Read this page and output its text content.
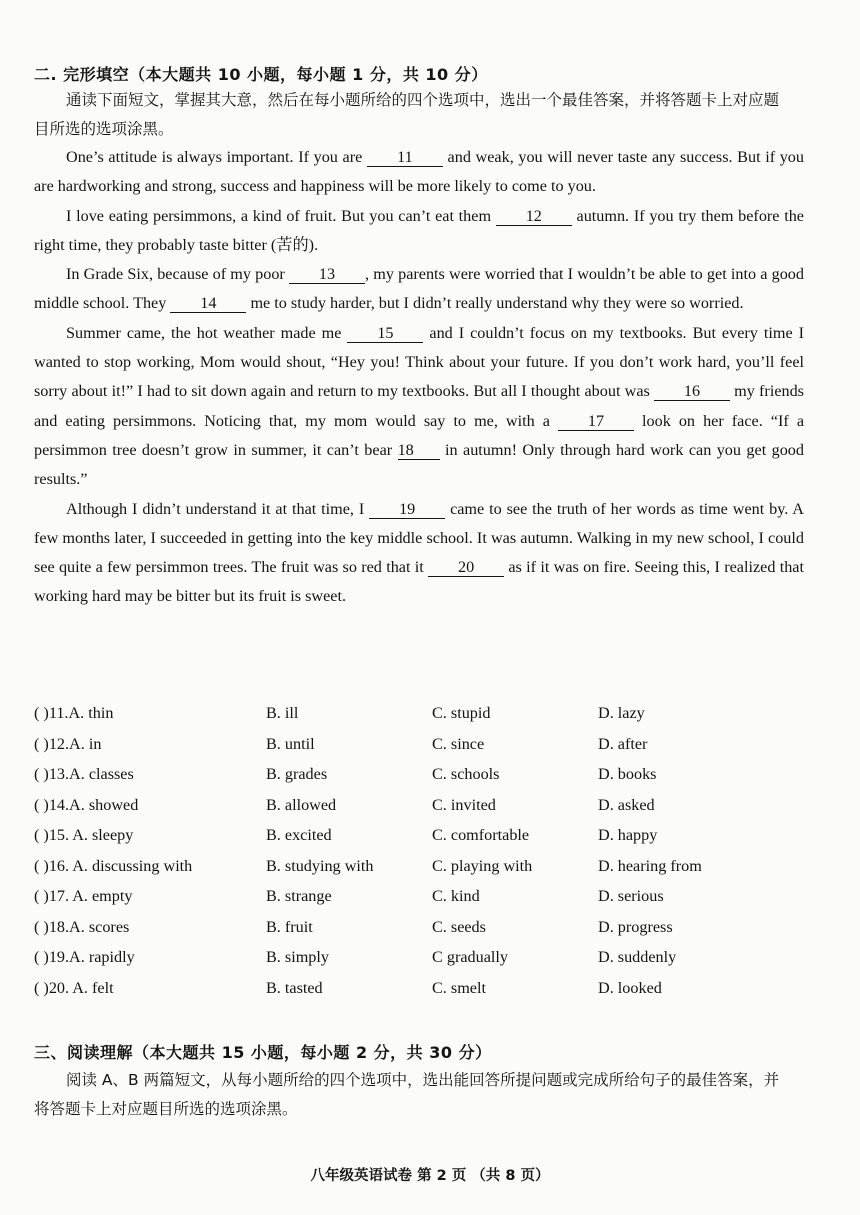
二. 完形填空（本大题共 10 小题，每小题 1 分，共 10 分）
通读下面短文，掌握其大意，然后在每小题所给的四个选项中，选出一个最佳答案，并将答题卡上对应题目所选的选项涂黑。

One’s attitude is always important. If you are 11 and weak, you will never taste any success. But if you are hardworking and strong, success and happiness will be more likely to come to you.

I love eating persimmons, a kind of fruit. But you can’t eat them 12 autumn. If you try them before the right time, they probably taste bitter (苦的).

In Grade Six, because of my poor 13 , my parents were worried that I wouldn’t be able to get into a good middle school. They 14 me to study harder, but I didn’t really understand why they were so worried.

Summer came, the hot weather made me 15 and I couldn’t focus on my textbooks. But every time I wanted to stop working, Mom would shout, “Hey you! Think about your future. If you don’t work hard, you’ll feel sorry about it!” I had to sit down again and return to my textbooks. But all I thought about was 16 my friends and eating persimmons. Noticing that, my mom would say to me, with a 17 look on her face. “If a persimmon tree doesn’t grow in summer, it can’t bear 18 in autumn! Only through hard work can you get good results.”

Although I didn’t understand it at that time, I 19 came to see the truth of her words as time went by. A few months later, I succeeded in getting into the key middle school. It was autumn. Walking in my new school, I could see quite a few persimmon trees. The fruit was so red that it 20 as if it was on fire. Seeing this, I realized that working hard may be bitter but its fruit is sweet.

( )11.A. thin	B. ill	C. stupid	D. lazy
( )12.A. in	B. until	C. since	D. after
( )13.A. classes	B. grades	C. schools	D. books
( )14.A. showed	B. allowed	C. invited	D. asked
( )15. A. sleepy	B. excited	C. comfortable	D. happy
( )16. A. discussing with	B. studying with	C. playing with	D. hearing from
( )17. A. empty	B. strange	C. kind	D. serious
( )18.A. scores	B. fruit	C. seeds	D. progress
( )19.A. rapidly	B. simply	C gradually	D. suddenly
( )20. A. felt	B. tasted	C. smelt	D. looked
三、阅读理解（本大题共 15 小题，每小题 2 分，共 30 分）
阅读 A、B 两篇短文，从每小题所给的四个选项中，选出能回答所提问题或完成所给句子的最佳答案，并将答题卡上对应题目所选的选项涂黑。
八年级英语试卷 第 2 页 （共 8 页）
